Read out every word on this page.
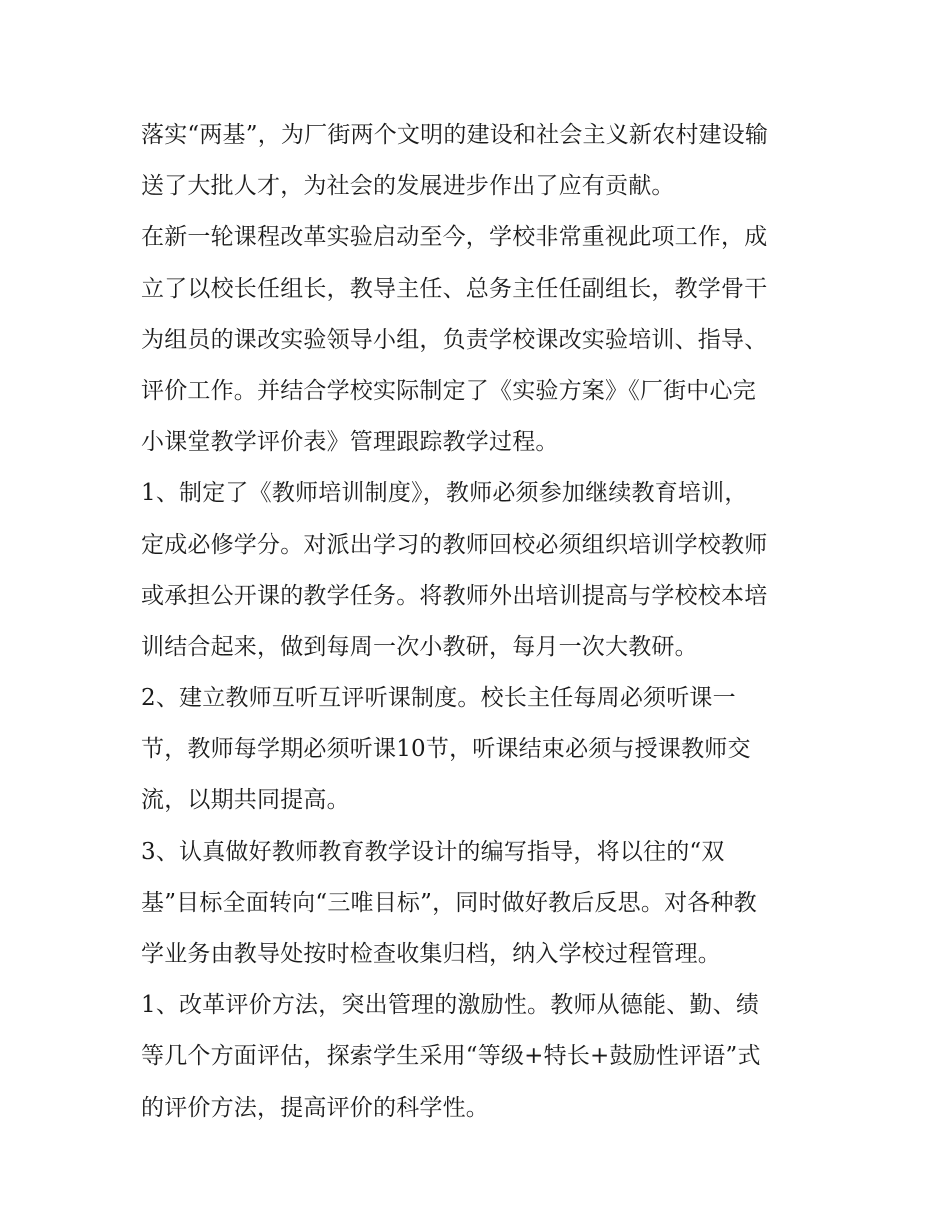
落实“两基”，为厂街两个文明的建设和社会主义新农村建设输
送了大批人才，为社会的发展进步作出了应有贡献。
在新一轮课程改革实验启动至今，学校非常重视此项工作，成
立了以校长任组长，教导主任、总务主任任副组长，教学骨干
为组员的课改实验领导小组，负责学校课改实验培训、指导、
评价工作。并结合学校实际制定了《实验方案》《厂街中心完
小课堂教学评价表》管理跟踪教学过程。
1、制定了《教师培训制度》，教师必须参加继续教育培训，
定成必修学分。对派出学习的教师回校必须组织培训学校教师
或承担公开课的教学任务。将教师外出培训提高与学校校本培
训结合起来，做到每周一次小教研，每月一次大教研。
2、建立教师互听互评听课制度。校长主任每周必须听课一
节，教师每学期必须听课10节，听课结束必须与授课教师交
流，以期共同提高。
3、认真做好教师教育教学设计的编写指导，将以往的“双
基”目标全面转向“三唯目标”，同时做好教后反思。对各种教
学业务由教导处按时检查收集归档，纳入学校过程管理。
1、改革评价方法，突出管理的激励性。教师从德能、勤、绩
等几个方面评估，探索学生采用“等级+特长+鼓励性评语”式
的评价方法，提高评价的科学性。
